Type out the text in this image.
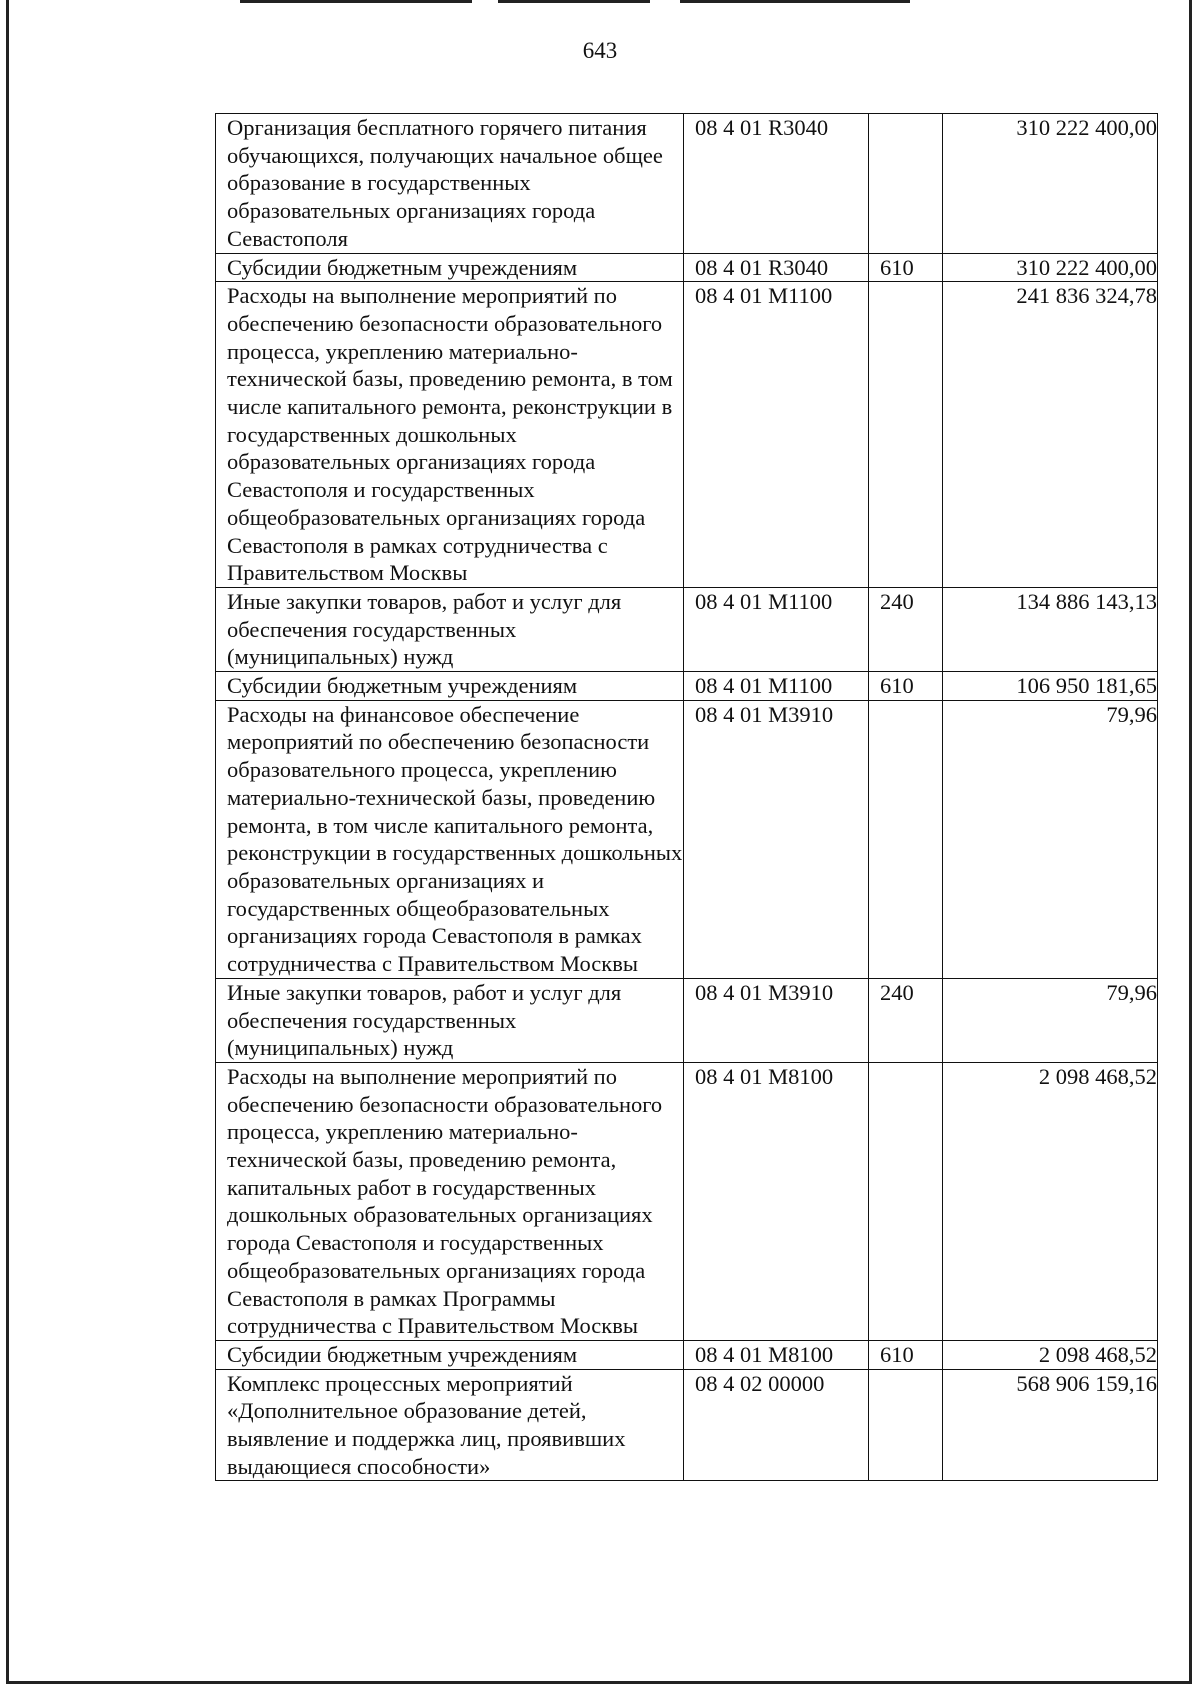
643
Организация бесплатного горячего питания обучающихся, получающих начальное общее образование в государственных образовательных организациях города Севастополя	08 4 01 R3040		310 222 400,00
Субсидии бюджетным учреждениям	08 4 01 R3040	610	310 222 400,00
Расходы на выполнение мероприятий по обеспечению безопасности образовательного процесса, укреплению материально-технической базы, проведению ремонта, в том числе капитального ремонта, реконструкции в государственных дошкольных образовательных организациях города Севастополя и государственных общеобразовательных организациях города Севастополя в рамках сотрудничества с Правительством Москвы	08 4 01 M1100		241 836 324,78
Иные закупки товаров, работ и услуг для обеспечения государственных (муниципальных) нужд	08 4 01 M1100	240	134 886 143,13
Субсидии бюджетным учреждениям	08 4 01 M1100	610	106 950 181,65
Расходы на финансовое обеспечение мероприятий по обеспечению безопасности образовательного процесса, укреплению материально-технической базы, проведению ремонта, в том числе капитального ремонта, реконструкции в государственных дошкольных образовательных организациях и государственных общеобразовательных организациях города Севастополя в рамках сотрудничества с Правительством Москвы	08 4 01 M3910		79,96
Иные закупки товаров, работ и услуг для обеспечения государственных (муниципальных) нужд	08 4 01 M3910	240	79,96
Расходы на выполнение мероприятий по обеспечению безопасности образовательного процесса, укреплению материально-технической базы, проведению ремонта, капитальных работ в государственных дошкольных образовательных организациях города Севастополя и государственных общеобразовательных организациях города Севастополя в рамках Программы сотрудничества с Правительством Москвы	08 4 01 M8100		2 098 468,52
Субсидии бюджетным учреждениям	08 4 01 M8100	610	2 098 468,52
Комплекс процессных мероприятий «Дополнительное образование детей, выявление и поддержка лиц, проявивших выдающиеся способности»	08 4 02 00000		568 906 159,16
